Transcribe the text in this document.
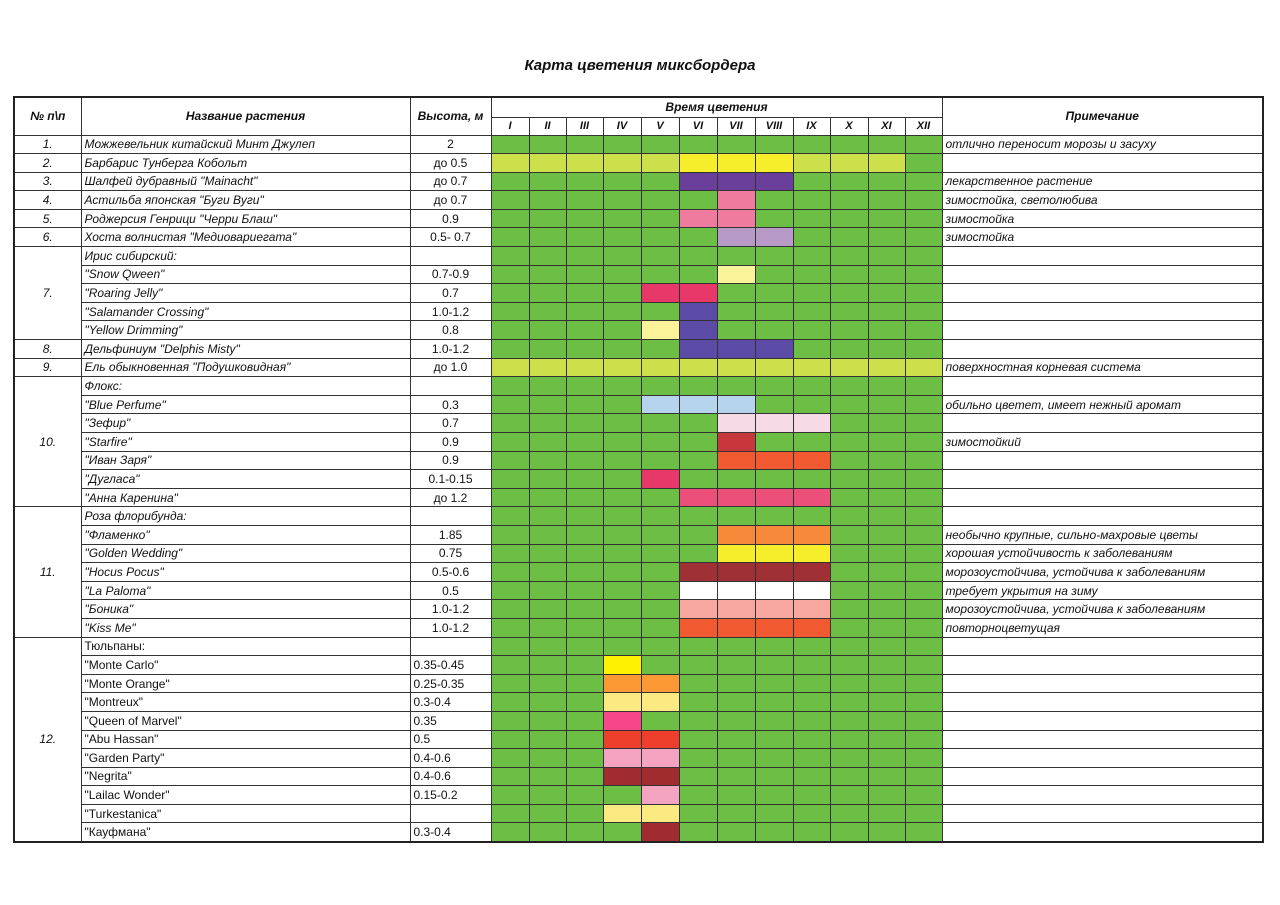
Карта цветения миксбордера
№ п\п	Название растения	Высота, м	Время цветения												Примечание
			I	II	III	IV	V	VI	VII	VIII	IX	X	XI	XII	
1.	Можжевельник китайский Минт Джулеп	2													отлично переносит морозы и засуху
2.	Барбарис Тунберга Кобольт	до 0.5													
3.	Шалфей дубравный "Mainacht"	до 0.7													лекарственное растение
4.	Астильба японская "Буги Вуги"	до 0.7													зимостойка, светолюбива
5.	Роджерсия Генрици "Черри Блаш"	0.9													зимостойка
6.	Хоста волнистая "Медиовариегата"	0.5- 0.7													зимостойка
7.	Ирис сибирский:														
	"Snow Qween"	0.7-0.9													
	"Roaring Jelly"	0.7													
	"Salamander Crossing"	1.0-1.2													
	"Yellow Drimming"	0.8													
8.	Дельфиниум "Delphis Misty"	1.0-1.2													
9.	Ель обыкновенная "Подушковидная"	до 1.0													поверхностная корневая система
10.	Флокс:														
	"Blue Perfume"	0.3													обильно цветет, имеет нежный аромат
	"Зефир"	0.7													
	"Starfire"	0.9													зимостойкий
	"Иван Заря"	0.9													
	"Дугласа"	0.1-0.15													
	"Анна Каренина"	до 1.2													
11.	Роза флорибунда:														
	"Фламенко"	1.85													необычно крупные, сильно-махровые цветы
	"Golden Wedding"	0.75													хорошая устойчивость к заболеваниям
	"Hocus Pocus"	0.5-0.6													морозоустойчива, устойчива к заболеваниям
	"La Paloma"	0.5													требует укрытия на зиму
	"Боника"	1.0-1.2													морозоустойчива, устойчива к заболеваниям
	"Kiss Me"	1.0-1.2													повторноцветущая
12.	Тюльпаны:														
	"Monte Carlo"	0.35-0.45													
	"Monte Orange"	0.25-0.35													
	"Montreux"	0.3-0.4													
	"Queen of Marvel"	0.35													
	"Abu Hassan"	0.5													
	"Garden Party"	0.4-0.6													
	"Negrita"	0.4-0.6													
	"Lailac Wonder"	0.15-0.2													
	"Turkestanica"														
	"Кауфмана"	0.3-0.4													
